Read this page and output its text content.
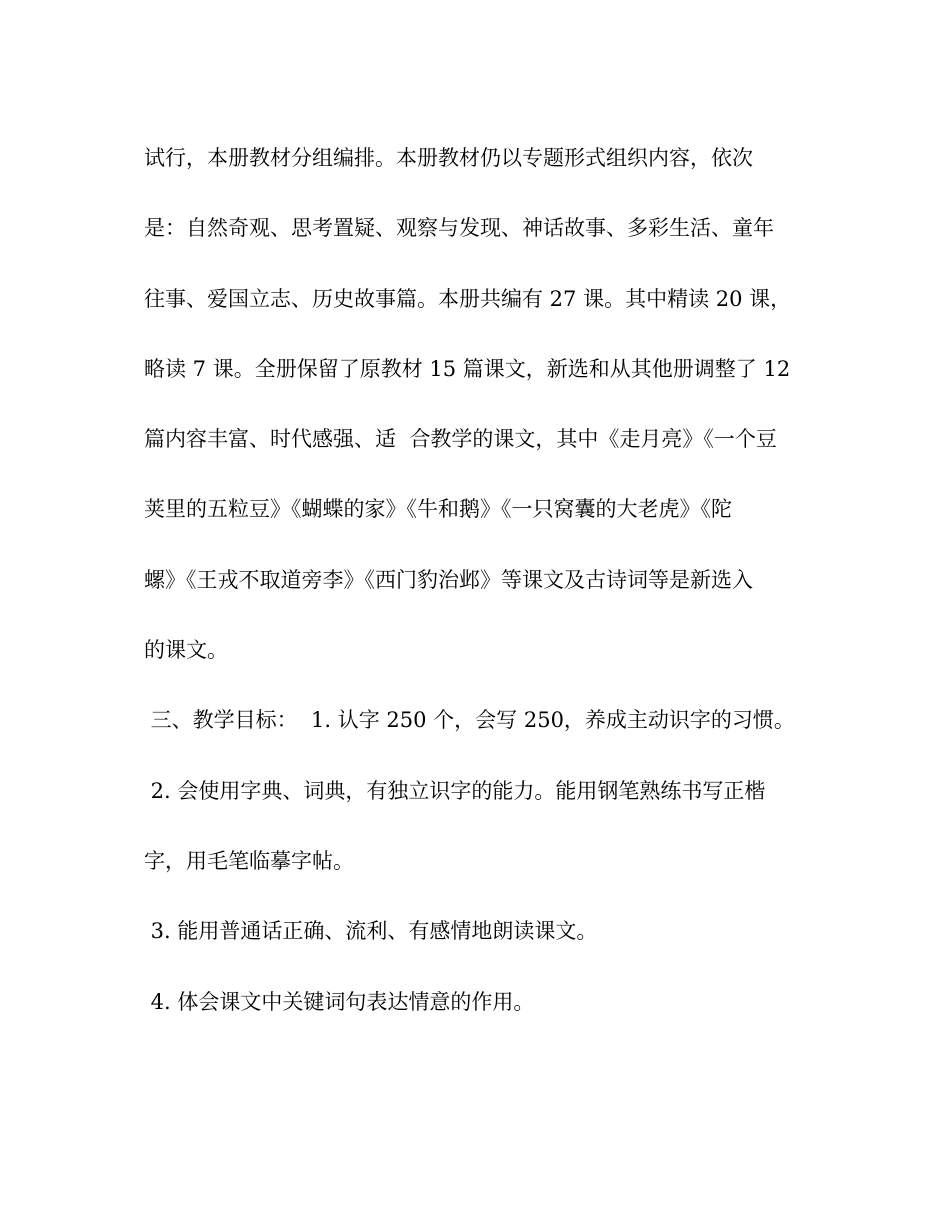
试行，本册教材分组编排。本册教材仍以专题形式组织内容，依次
是：自然奇观、思考置疑、观察与发现、神话故事、多彩生活、童年
往事、爱国立志、历史故事篇。本册共编有 27 课。其中精读 20 课，
略读 7 课。全册保留了原教材 15 篇课文，新选和从其他册调整了 12
篇内容丰富、时代感强、适  合教学的课文，其中《走月亮》《一个豆
荚里的五粒豆》《蝴蝶的家》《牛和鹅》《一只窝囊的大老虎》《陀
螺》《王戎不取道旁李》《西门豹治邺》等课文及古诗词等是新选入
的课文。
三、教学目标：  1. 认字 250 个，会写 250，养成主动识字的习惯。
2. 会使用字典、词典，有独立识字的能力。能用钢笔熟练书写正楷
字，用毛笔临摹字帖。
3. 能用普通话正确、流利、有感情地朗读课文。
4. 体会课文中关键词句表达情意的作用。
